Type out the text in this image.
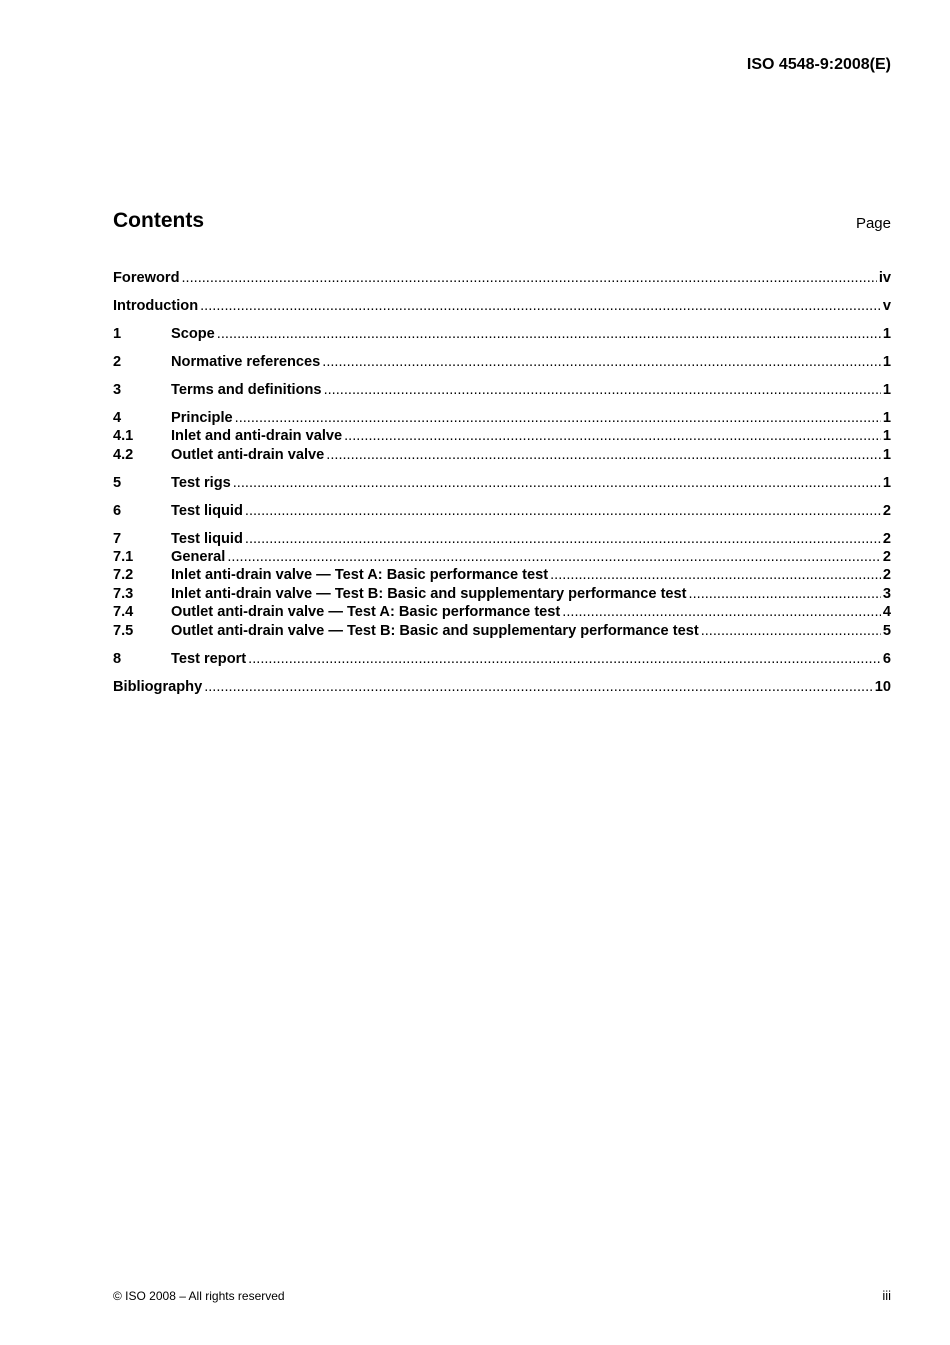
ISO 4548-9:2008(E)
Contents	Page
Foreword .....	iv
Introduction .....	v
1	Scope .....	1
2	Normative references .....	1
3	Terms and definitions .....	1
4	Principle .....	1
4.1	Inlet and anti-drain valve .....	1
4.2	Outlet anti-drain valve .....	1
5	Test rigs .....	1
6	Test liquid .....	2
7	Test liquid .....	2
7.1	General .....	2
7.2	Inlet anti-drain valve — Test A: Basic performance test .....	2
7.3	Inlet anti-drain valve — Test B: Basic and supplementary performance test .....	3
7.4	Outlet anti-drain valve — Test A: Basic performance test .....	4
7.5	Outlet anti-drain valve — Test B: Basic and supplementary performance test .....	5
8	Test report .....	6
Bibliography .....	10
© ISO 2008 – All rights reserved	iii
